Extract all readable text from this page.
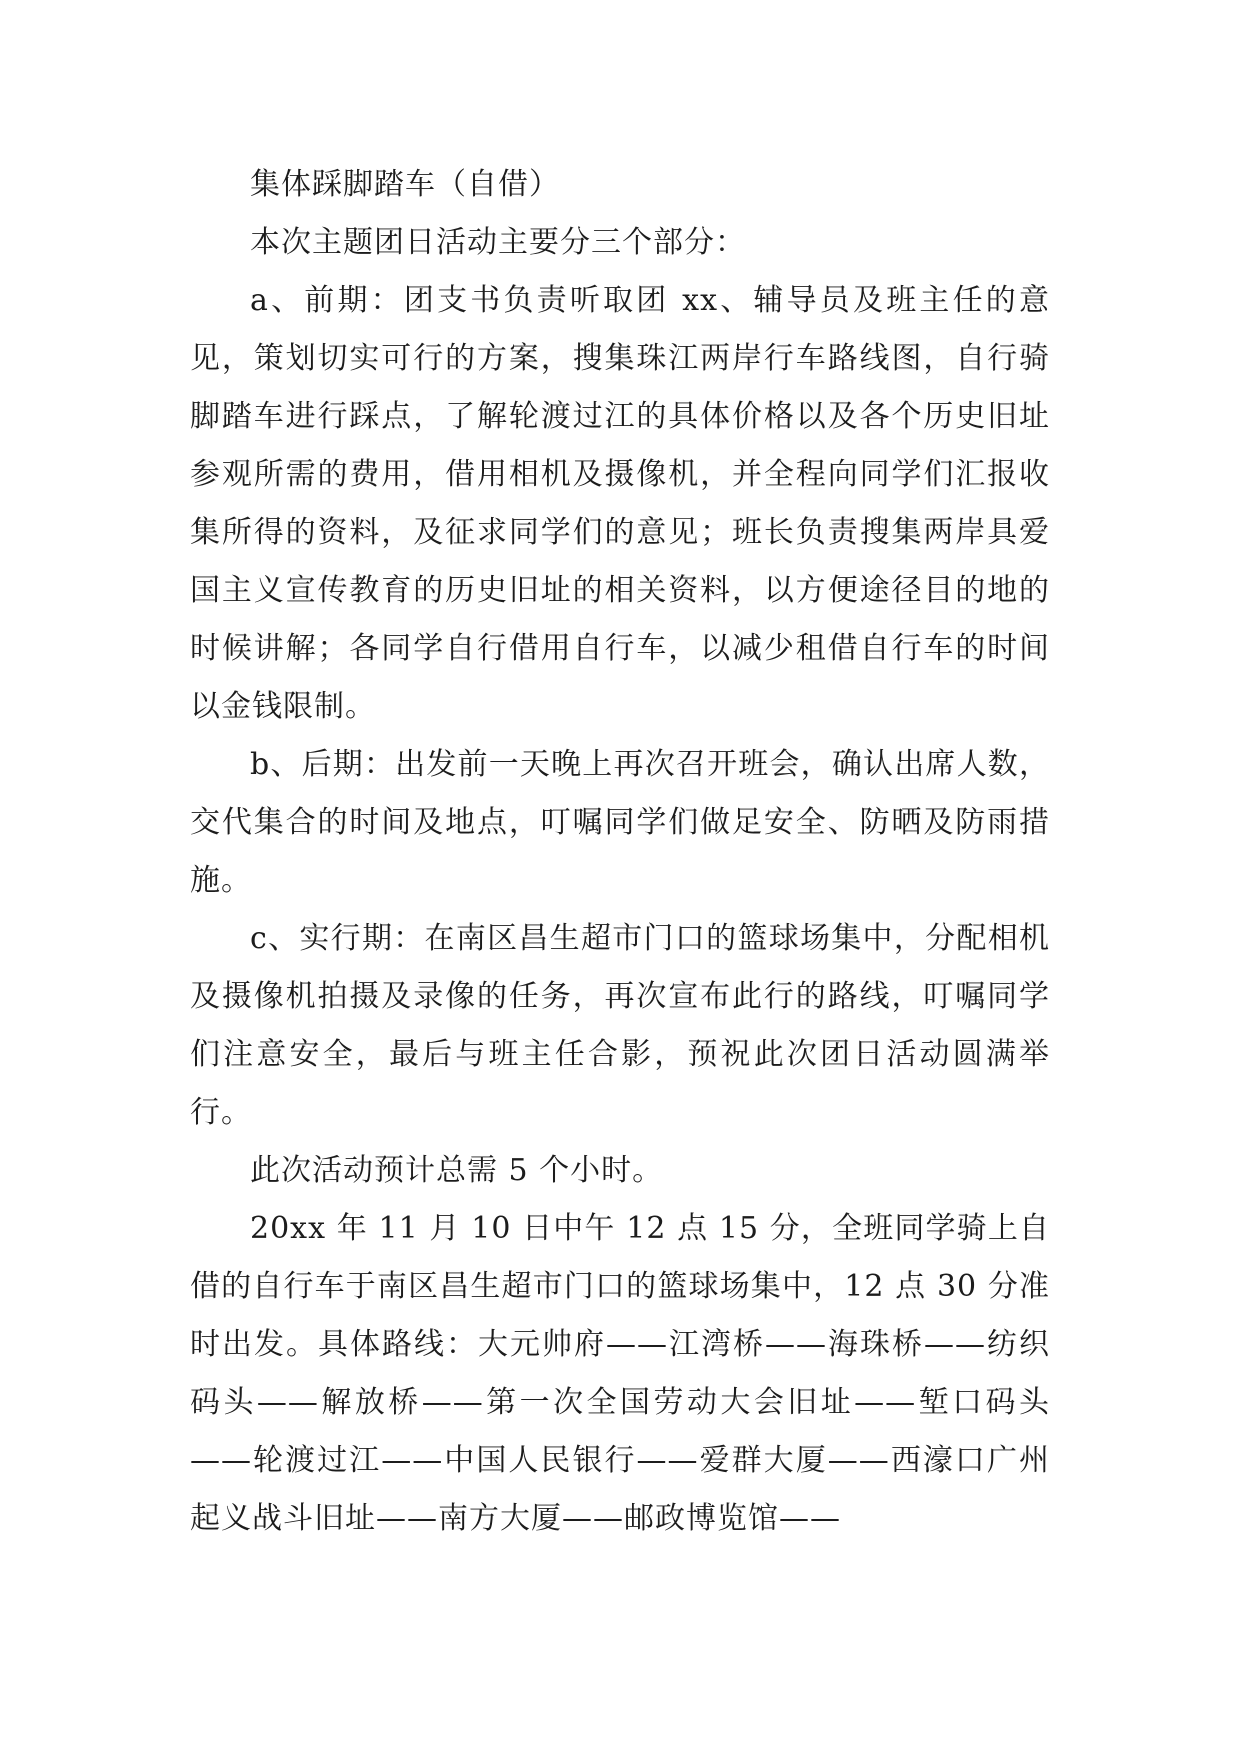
集体踩脚踏车（自借）

本次主题团日活动主要分三个部分：

a、前期：团支书负责听取团 xx、辅导员及班主任的意见，策划切实可行的方案，搜集珠江两岸行车路线图，自行骑脚踏车进行踩点，了解轮渡过江的具体价格以及各个历史旧址参观所需的费用，借用相机及摄像机，并全程向同学们汇报收集所得的资料，及征求同学们的意见；班长负责搜集两岸具爱国主义宣传教育的历史旧址的相关资料，以方便途径目的地的时候讲解；各同学自行借用自行车，以减少租借自行车的时间以金钱限制。

b、后期：出发前一天晚上再次召开班会，确认出席人数，交代集合的时间及地点，叮嘱同学们做足安全、防晒及防雨措施。

c、实行期：在南区昌生超市门口的篮球场集中，分配相机及摄像机拍摄及录像的任务，再次宣布此行的路线，叮嘱同学们注意安全，最后与班主任合影，预祝此次团日活动圆满举行。

此次活动预计总需 5 个小时。

20xx 年 11 月 10 日中午 12 点 15 分，全班同学骑上自借的自行车于南区昌生超市门口的篮球场集中，12 点 30 分准时出发。具体路线：大元帅府——江湾桥——海珠桥——纺织码头——解放桥——第一次全国劳动大会旧址——堑口码头——轮渡过江——中国人民银行——爱群大厦——西濠口广州起义战斗旧址——南方大厦——邮政博览馆——
